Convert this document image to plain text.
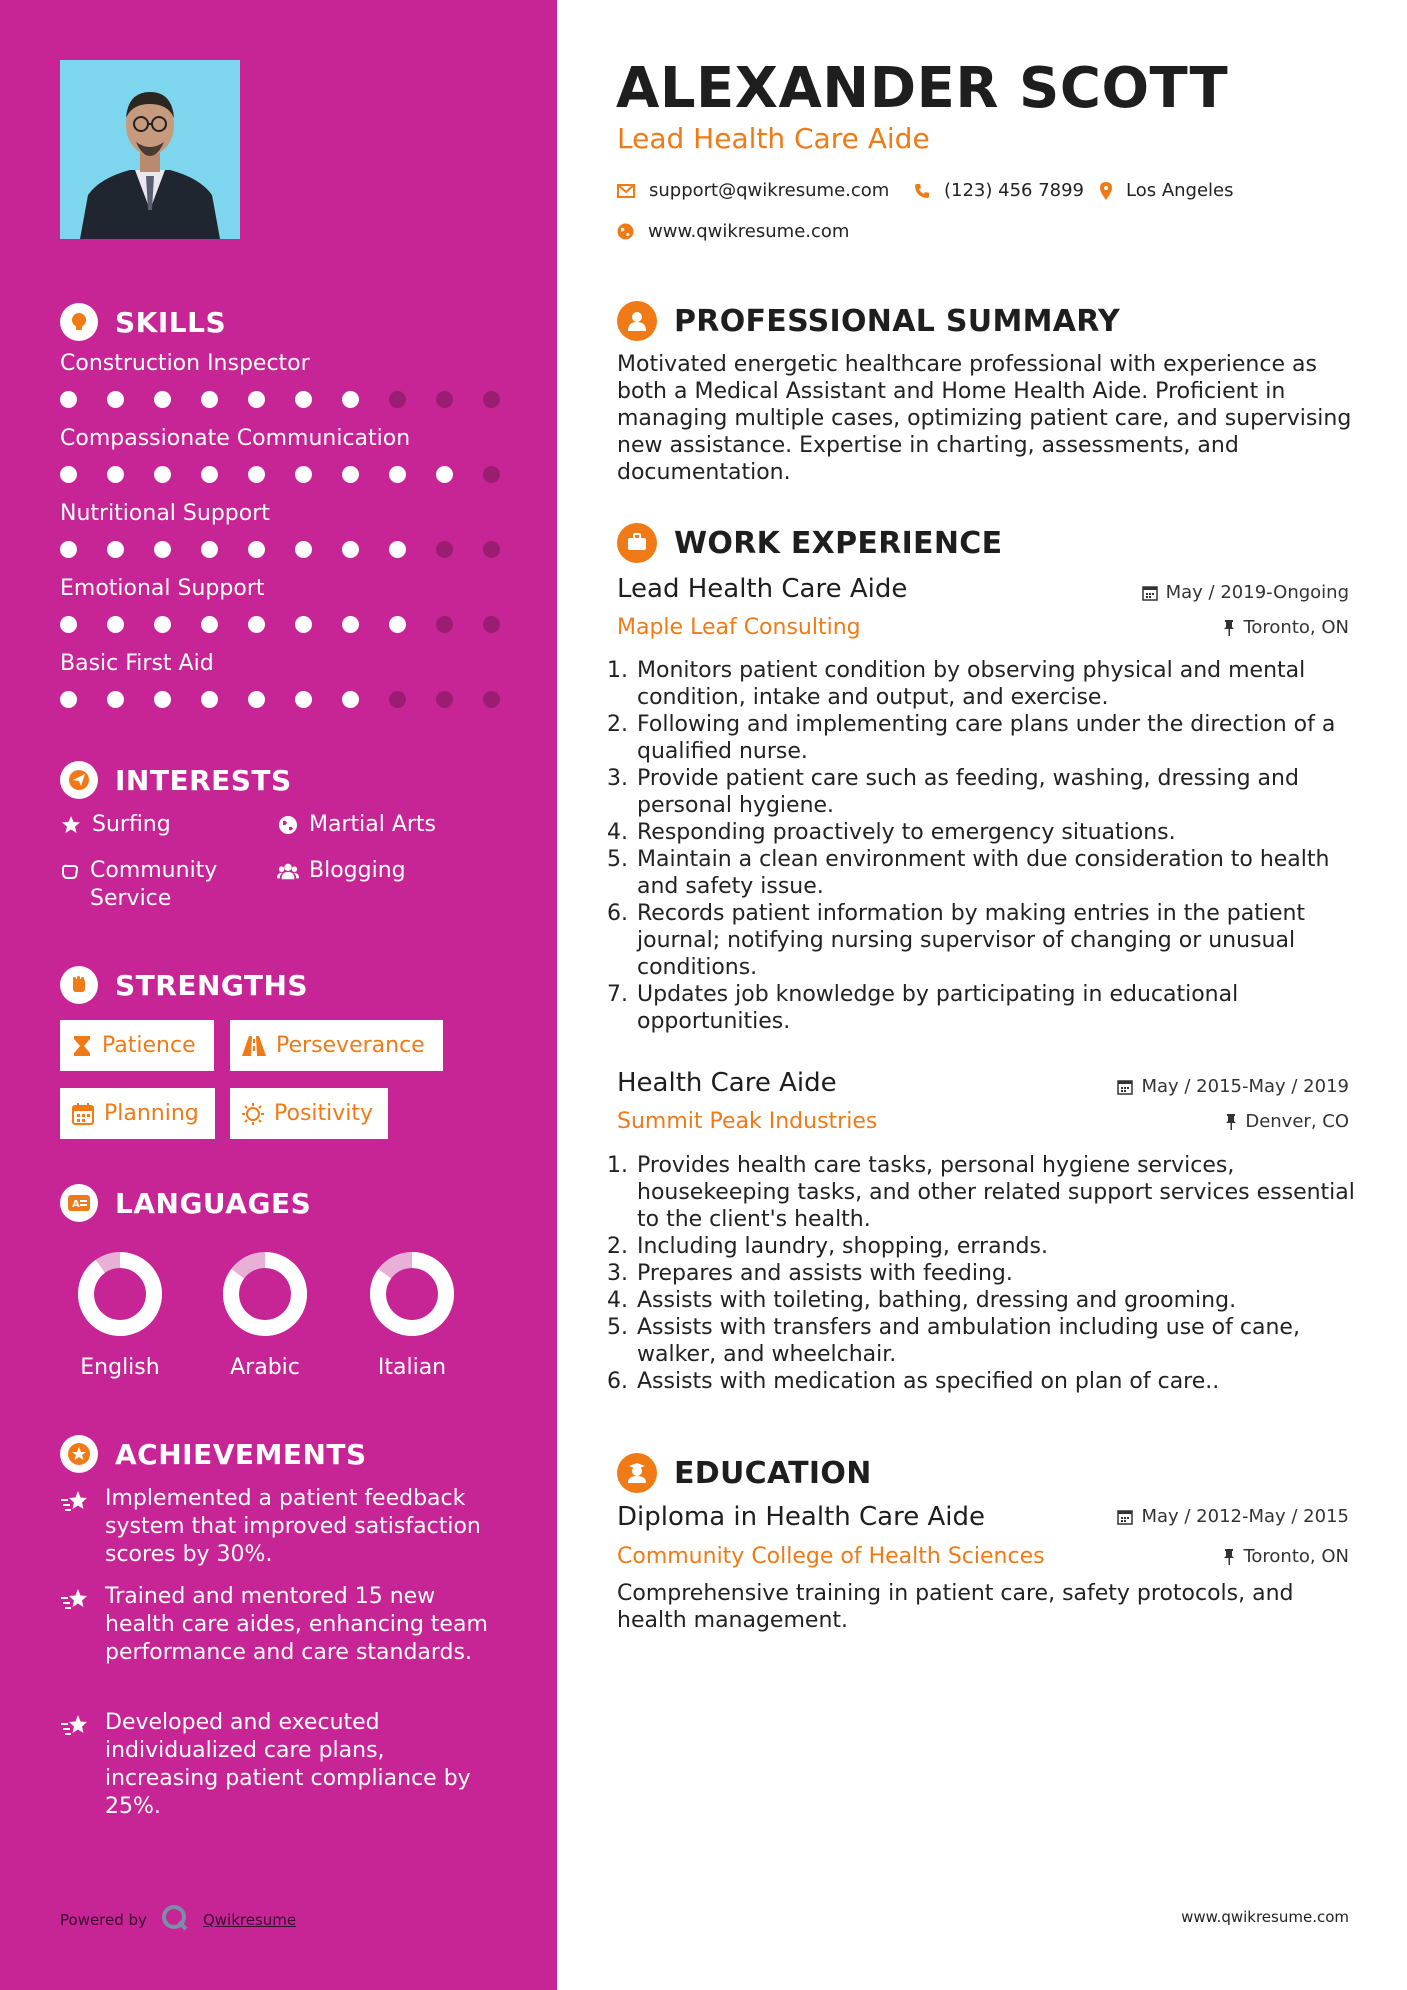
SKILLS
Construction Inspector
Compassionate Communication
Nutritional Support
Emotional Support
Basic First Aid
INTERESTS
Surfing	Martial Arts
Community Service
Blogging
STRENGTHS
Patience	Perseverance
Planning	Positivity
A LANGUAGES
English	Arabic	Italian
ACHIEVEMENTS
Implemented a patient feedback system that improved satisfaction scores by 30%.
Trained and mentored 15 new health care aides, enhancing team performance and care standards.
Developed and executed individualized care plans, increasing patient compliance by 25%.
Powered by	Qwikresume
ALEXANDER SCOTT
Lead Health Care Aide
support@qwikresume.com	(123) 456 7899 Los Angeles
www.qwikresume.com
PROFESSIONAL SUMMARY
Motivated energetic healthcare professional with experience as both a Medical Assistant and Home Health Aide. Proficient in managing multiple cases, optimizing patient care, and supervising new assistance. Expertise in charting, assessments, and documentation.
WORK EXPERIENCE
Lead Health Care Aide	May / 2019-Ongoing
Maple Leaf Consulting	Toronto, ON
1. Monitors patient condition by observing physical and mental condition, intake and output, and exercise.
2. Following and implementing care plans under the direction of a qualified nurse.
3. Provide patient care such as feeding, washing, dressing and personal hygiene.
4. Responding proactively to emergency situations.
5. Maintain a clean environment with due consideration to health and safety issue.
6. Records patient information by making entries in the patient journal; notifying nursing supervisor of changing or unusual conditions.
7. Updates job knowledge by participating in educational opportunities.
Health Care Aide	May / 2015-May / 2019
Summit Peak Industries	Denver, CO
1. Provides health care tasks, personal hygiene services, housekeeping tasks, and other related support services essential to the client's health.
2. Including laundry, shopping, errands.
3. Prepares and assists with feeding.
4. Assists with toileting, bathing, dressing and grooming.
5. Assists with transfers and ambulation including use of cane, walker, and wheelchair.
6. Assists with medication as specified on plan of care..
EDUCATION
Diploma in Health Care Aide	May / 2012-May / 2015
Community College of Health Sciences	Toronto, ON
Comprehensive training in patient care, safety protocols, and health management.
www.qwikresume.com
